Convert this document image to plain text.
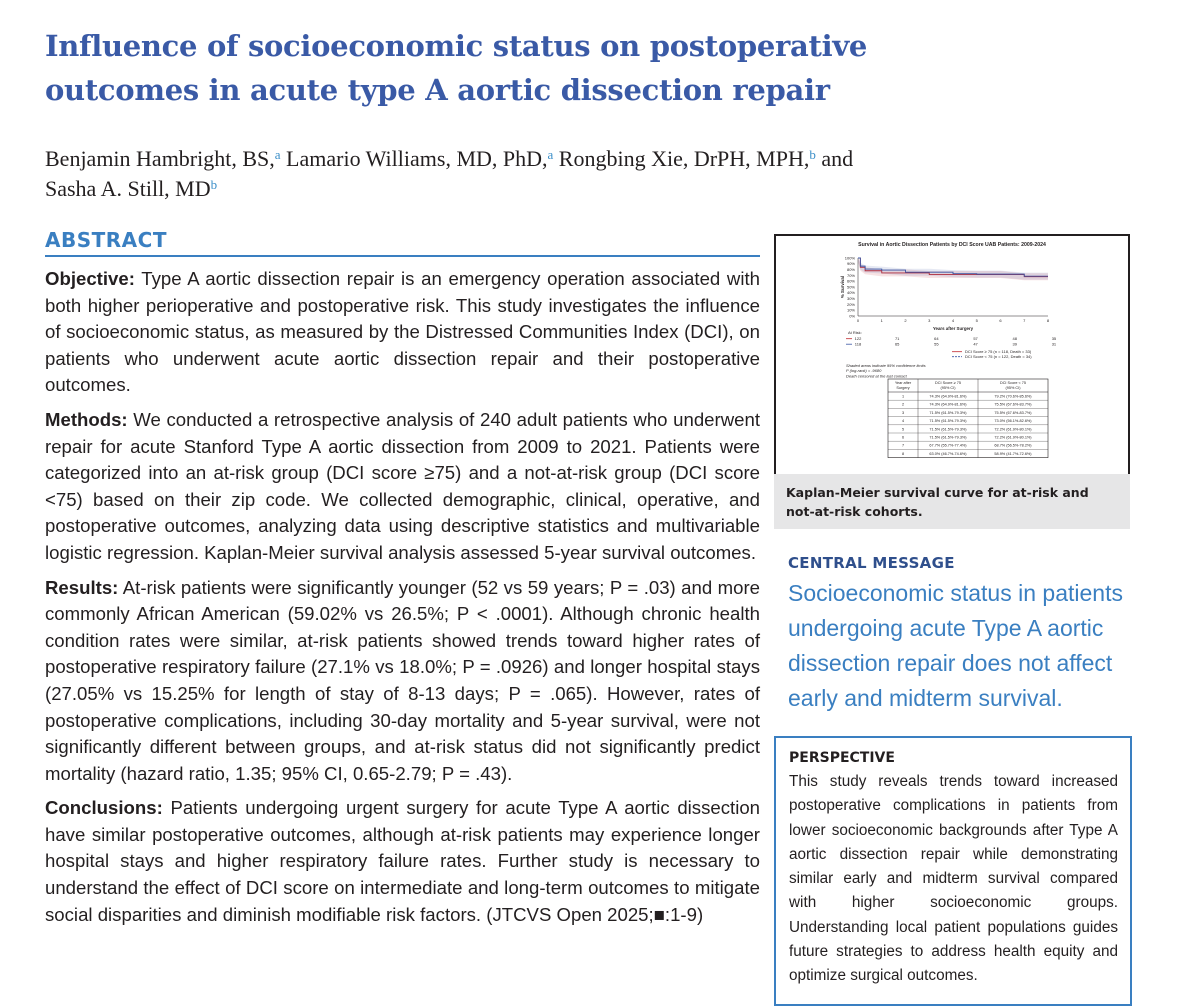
Influence of socioeconomic status on postoperative outcomes in acute type A aortic dissection repair
Benjamin Hambright, BS,$^a$ Lamario Williams, MD, PhD,$^a$ Rongbing Xie, DrPH, MPH,$^b$ and
Sasha A. Still, $MD^b$
ABSTRACT

Objective: Type A aortic dissection repair is an emergency operation associated with both higher perioperative and postoperative risk. This study investigates the influence of socioeconomic status, as measured by the Distressed Communities Index (DCI), on patients who underwent acute aortic dissection repair and their postoperative outcomes.

Methods: We conducted a retrospective analysis of 240 adult patients who underwent repair for acute Stanford Type A aortic dissection from 2009 to 2021. Patients were categorized into an at-risk group (DCI score ≥75) and a not-at-risk group (DCI score <75) based on their zip code. We collected demographic, clinical, operative, and postoperative outcomes, analyzing data using descriptive statistics and multivariable logistic regression. Kaplan-Meier survival analysis assessed 5-year survival outcomes.

Results: At-risk patients were significantly younger (52 vs 59 years; P = .03) and more commonly African American (59.02% vs 26.5%; P < .0001). Although chronic health condition rates were similar, at-risk patients showed trends toward higher rates of postoperative respiratory failure (27.1% vs 18.0%; P = .0926) and longer hospital stays (27.05% vs 15.25% for length of stay of 8-13 days; P = .065). However, rates of postoperative complications, including 30-day mortality and 5-year survival, were not significantly different between groups, and at-risk status did not significantly predict mortality (hazard ratio, 1.35; 95% CI, 0.65-2.79; P = .43).

Conclusions: Patients undergoing urgent surgery for acute Type A aortic dissection have similar postoperative outcomes, although at-risk patients may experience longer hospital stays and higher respiratory failure rates. Further study is necessary to understand the effect of DCI score on intermediate and long-term outcomes to mitigate social disparities and diminish modifiable risk factors. (JTCVS Open 2025;■:1-9)

Survival in Aortic Dissection Patients by DCI Score UAB Patients: 2009-2024
0%
10%
20%
30%
40%
50%
60%
70%
80%
90%
100%
0	1	2	3	4	5	6	7	8
Years after Surgery
% Survival
At Risk:
122	71	64	57	48	35
118	65	55	47	39	31
DCI Score ≥ 75 (n = 118, Death = 33)
DCI Score < 75 (n = 122, Death = 34)
Shaded areas indicate 95% confidence limits
P (log-rank) = .9680
Death censored at the last contact
Year after
Surgery
DCI Score ≥ 75
(95% CI)
DCI Score < 75
(95% CI)
1	74.3% (64.9%-81.6%)	79.2% (70.6%-85.6%)
2	74.3% (64.9%-81.6%)	75.5% (67.6%-83.7%)
3	71.5% (61.5%-79.3%)	75.5% (67.6%-83.7%)
4	71.5% (61.5%-79.3%)	73.0% (56.1%-82.6%)
5	71.5% (61.5%-79.3%)	72.2% (61.9%-80.1%)
6	71.5% (61.5%-79.3%)	72.2% (61.9%-80.1%)
7	67.7% (55.7%-77.4%)	68.7% (56.5%-78.2%)
8	63.0% (46.7%-74.6%)	58.9% (41.7%-72.6%)
Kaplan-Meier survival curve for at-risk and not-at-risk cohorts.
CENTRAL MESSAGE

Socioeconomic status in patients undergoing acute Type A aortic dissection repair does not affect early and midterm survival.

PERSPECTIVE

This study reveals trends toward increased postoperative complications in patients from lower socioeconomic backgrounds after Type A aortic dissection repair while demonstrating similar early and midterm survival compared with higher socioeconomic groups. Understanding local patient populations guides future strategies to address health equity and optimize surgical outcomes.
